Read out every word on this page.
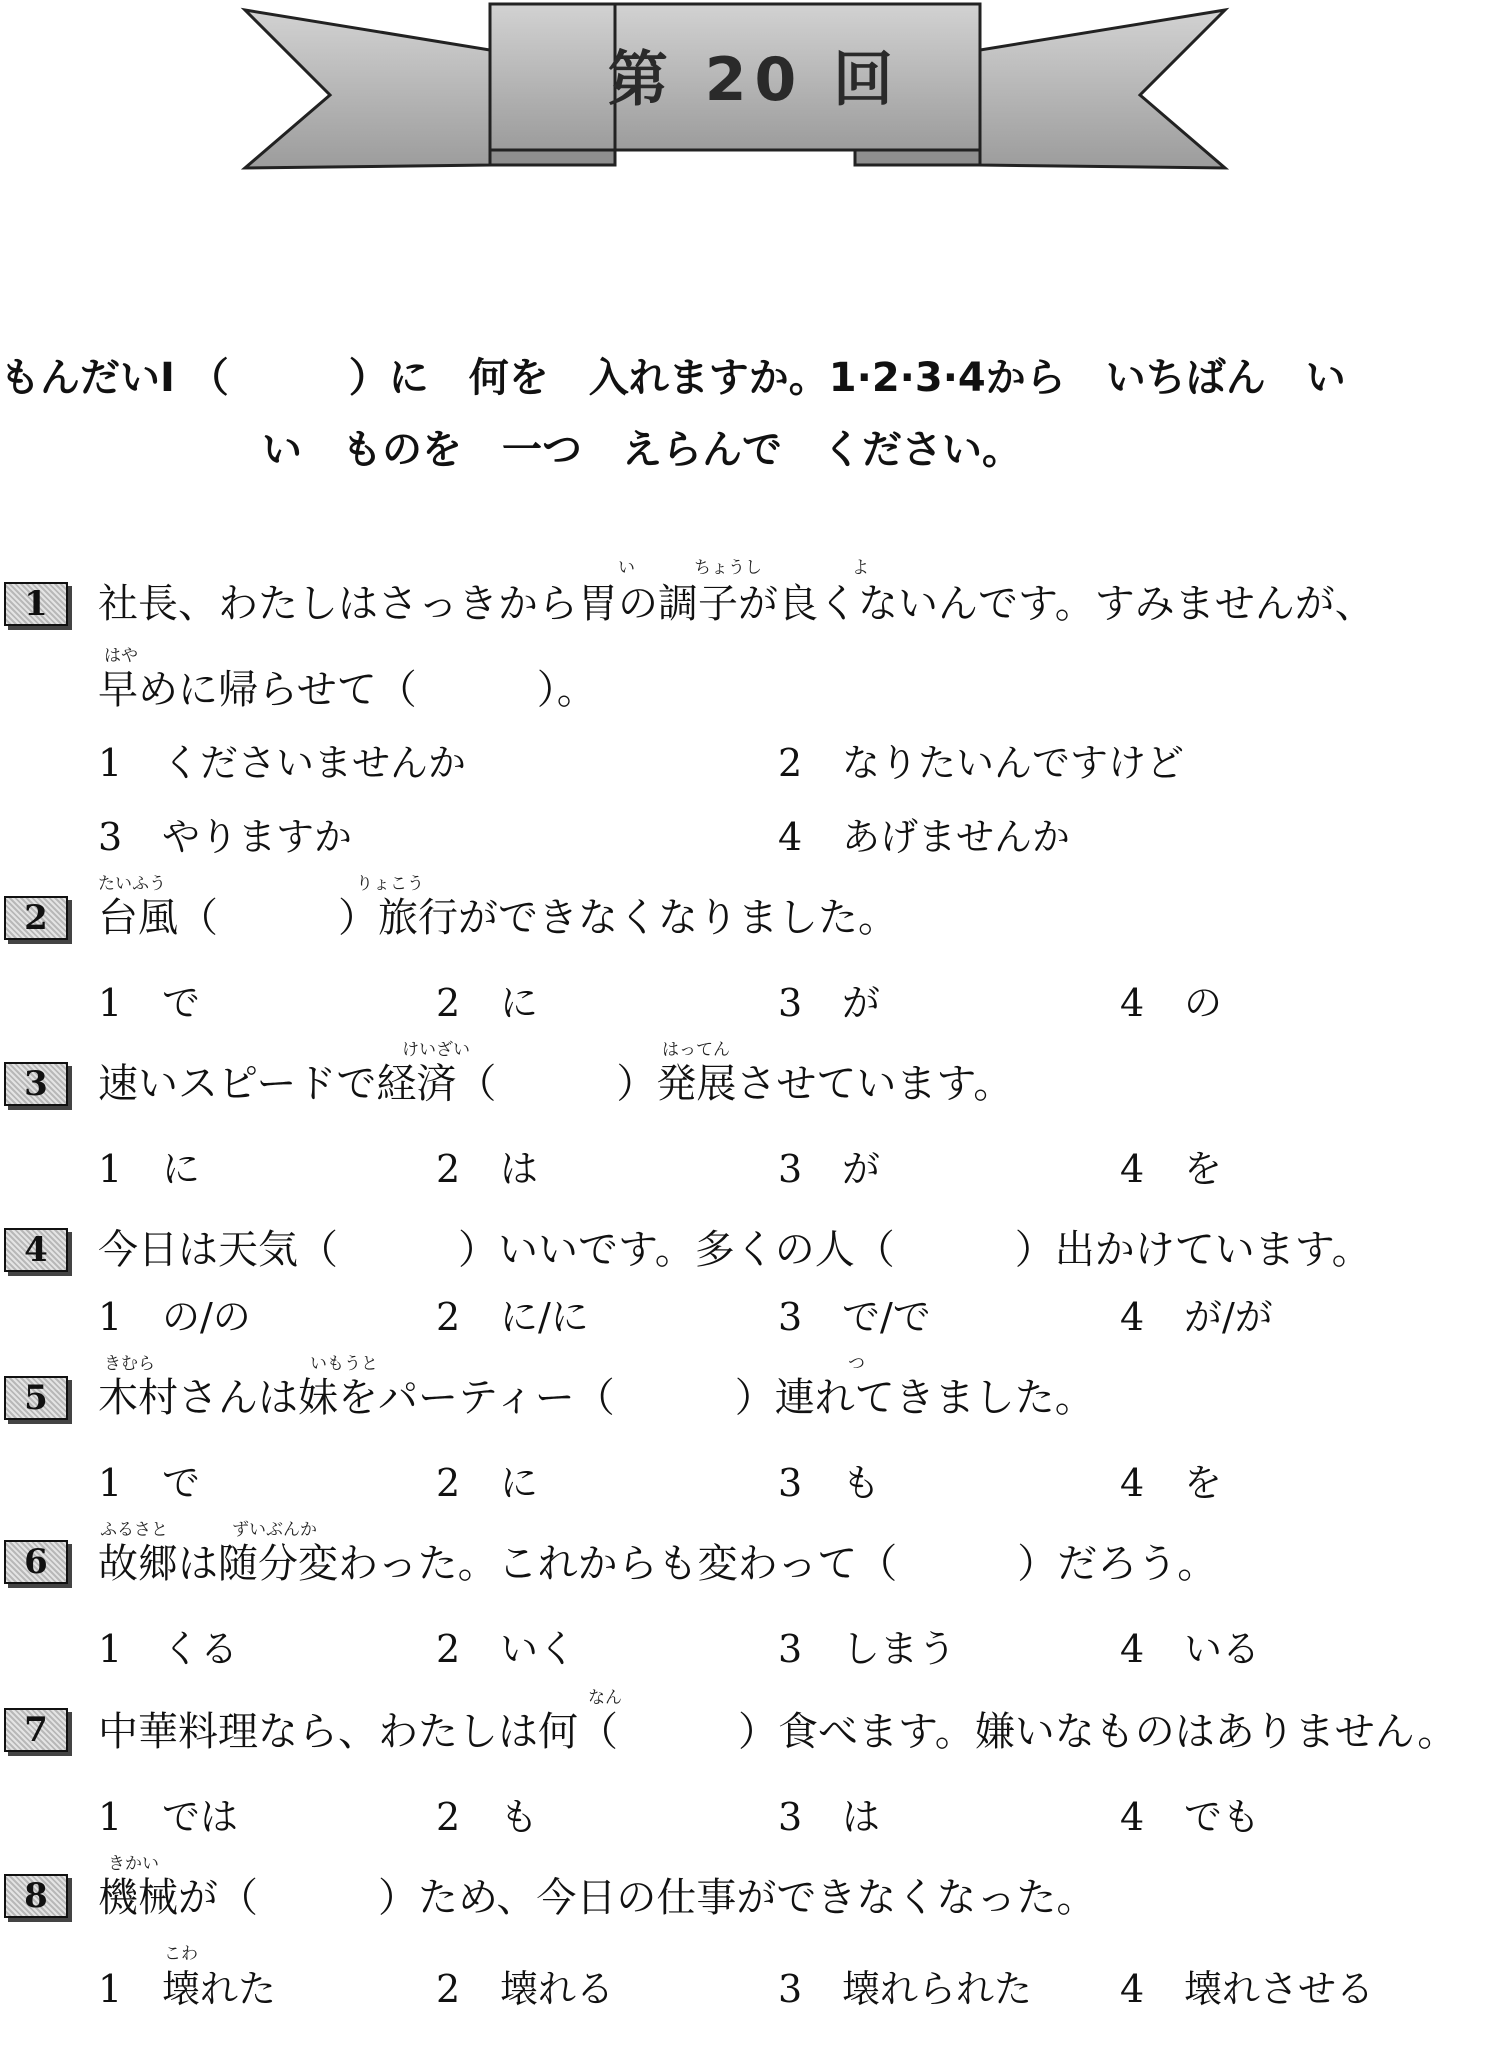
第 20 回
もんだいⅠ （　　　）に　何を　入れますか。1·2·3·4から　いちばん　い
い　ものを　一つ　えらんで　ください。
1
い	ちょうし	よ
社長、わたしはさっきから胃の調子が良くないんです。すみませんが、
はや
早めに帰らせて（　　　）。
1 くださいませんか	2 なりたいんですけど
3 やりますか	4 あげませんか
2
たいふう	りょこう
台風（　　　）旅行ができなくなりました。
1 で	2 に	3 が	4 の
3
けいざい	はってん
速いスピードで経済（　　　）発展させています。
1 に	2 は	3 が	4 を
4	今日は天気（　　　）いいです。多くの人（　　　）出かけています。
1 の/の	2 に/に	3 で/で	4 が/が
5
きむら	いもうと	つ
木村さんは妹をパーティー（　　　）連れてきました。
1 で	2 に	3 も	4 を
6
ふるさと	ずいぶんか
故郷は随分変わった。これからも変わって（　　　）だろう。
1 くる	2 いく	3 しまう	4 いる
7
なん
中華料理なら、わたしは何（　　　）食べます。嫌いなものはありません。
1 では	2 も	3 は	4 でも
8
きかい
機械が（　　　）ため、今日の仕事ができなくなった。
こわ
1 壊れた	2 壊れる	3 壊れられた 4 壊れさせる
